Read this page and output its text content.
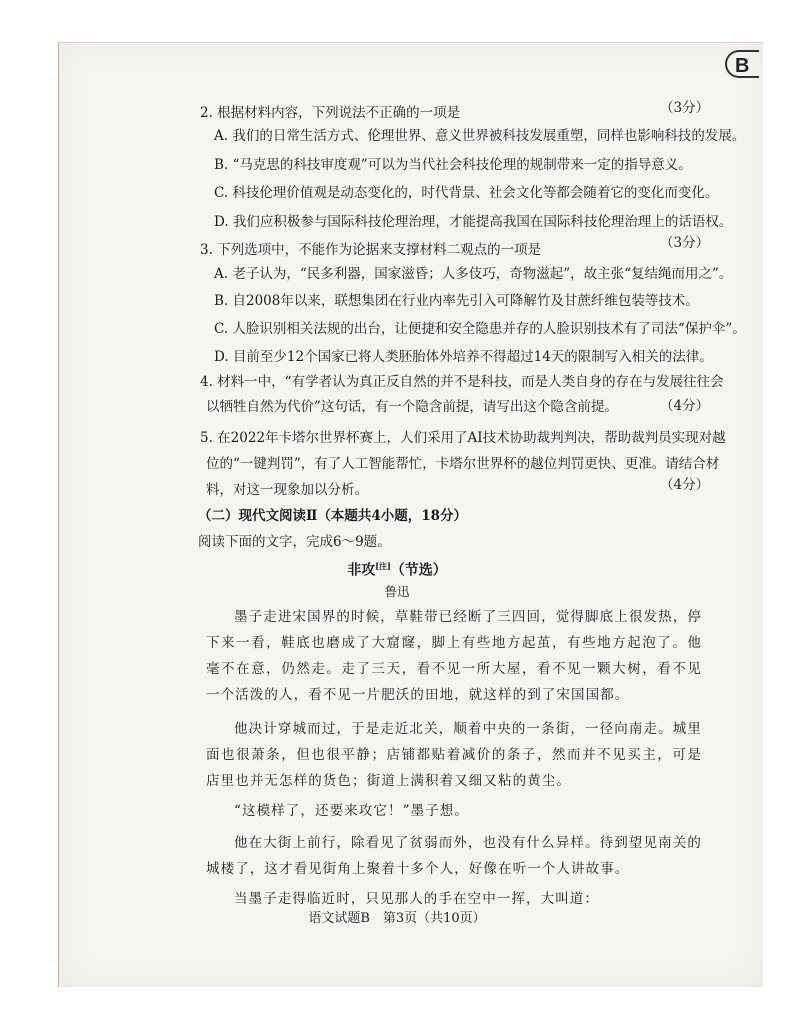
B
2. 根据材料内容，下列说法不正确的一项是	（3分）
A. 我们的日常生活方式、伦理世界、意义世界被科技发展重塑，同样也影响科技的发展。
B. “马克思的科技审度观”可以为当代社会科技伦理的规制带来一定的指导意义。
C. 科技伦理价值观是动态变化的，时代背景、社会文化等都会随着它的变化而变化。
D. 我们应积极参与国际科技伦理治理，才能提高我国在国际科技伦理治理上的话语权。
3. 下列选项中，不能作为论据来支撑材料二观点的一项是	（3分）
A. 老子认为，“民多利器，国家滋昏；人多伎巧，奇物滋起”，故主张“复结绳而用之”。
B. 自2008年以来，联想集团在行业内率先引入可降解竹及甘蔗纤维包装等技术。
C. 人脸识别相关法规的出台，让便捷和安全隐患并存的人脸识别技术有了司法“保护伞”。
D. 目前至少12个国家已将人类胚胎体外培养不得超过14天的限制写入相关的法律。
4. 材料一中，“有学者认为真正反自然的并不是科技，而是人类自身的存在与发展往往会
以牺牲自然为代价”这句话，有一个隐含前提，请写出这个隐含前提。	（4分）
5. 在2022年卡塔尔世界杯赛上，人们采用了AI技术协助裁判判决，帮助裁判员实现对越
位的“一键判罚”，有了人工智能帮忙，卡塔尔世界杯的越位判罚更快、更准。请结合材
料，对这一现象加以分析。	（4分）
（二）现代文阅读Ⅱ（本题共4小题，18分）
阅读下面的文字，完成6～9题。
非攻[注]（节选）
鲁迅

墨子走进宋国界的时候，草鞋带已经断了三四回，觉得脚底上很发热，停下来一看，鞋底也磨成了大窟窿，脚上有些地方起茧，有些地方起泡了。他毫不在意，仍然走。走了三天，看不见一所大屋，看不见一颗大树，看不见一个活泼的人，看不见一片肥沃的田地，就这样的到了宋国国都。

他决计穿城而过，于是走近北关，顺着中央的一条街，一径向南走。城里面也很萧条，但也很平静；店铺都贴着减价的条子，然而并不见买主，可是店里也并无怎样的货色；街道上满积着又细又粘的黄尘。

“这模样了，还要来攻它！”墨子想。

他在大街上前行，除看见了贫弱而外，也没有什么异样。待到望见南关的城楼了，这才看见街角上聚着十多个人，好像在听一个人讲故事。

当墨子走得临近时，只见那人的手在空中一挥，大叫道：

语文试题B　第3页（共10页）
